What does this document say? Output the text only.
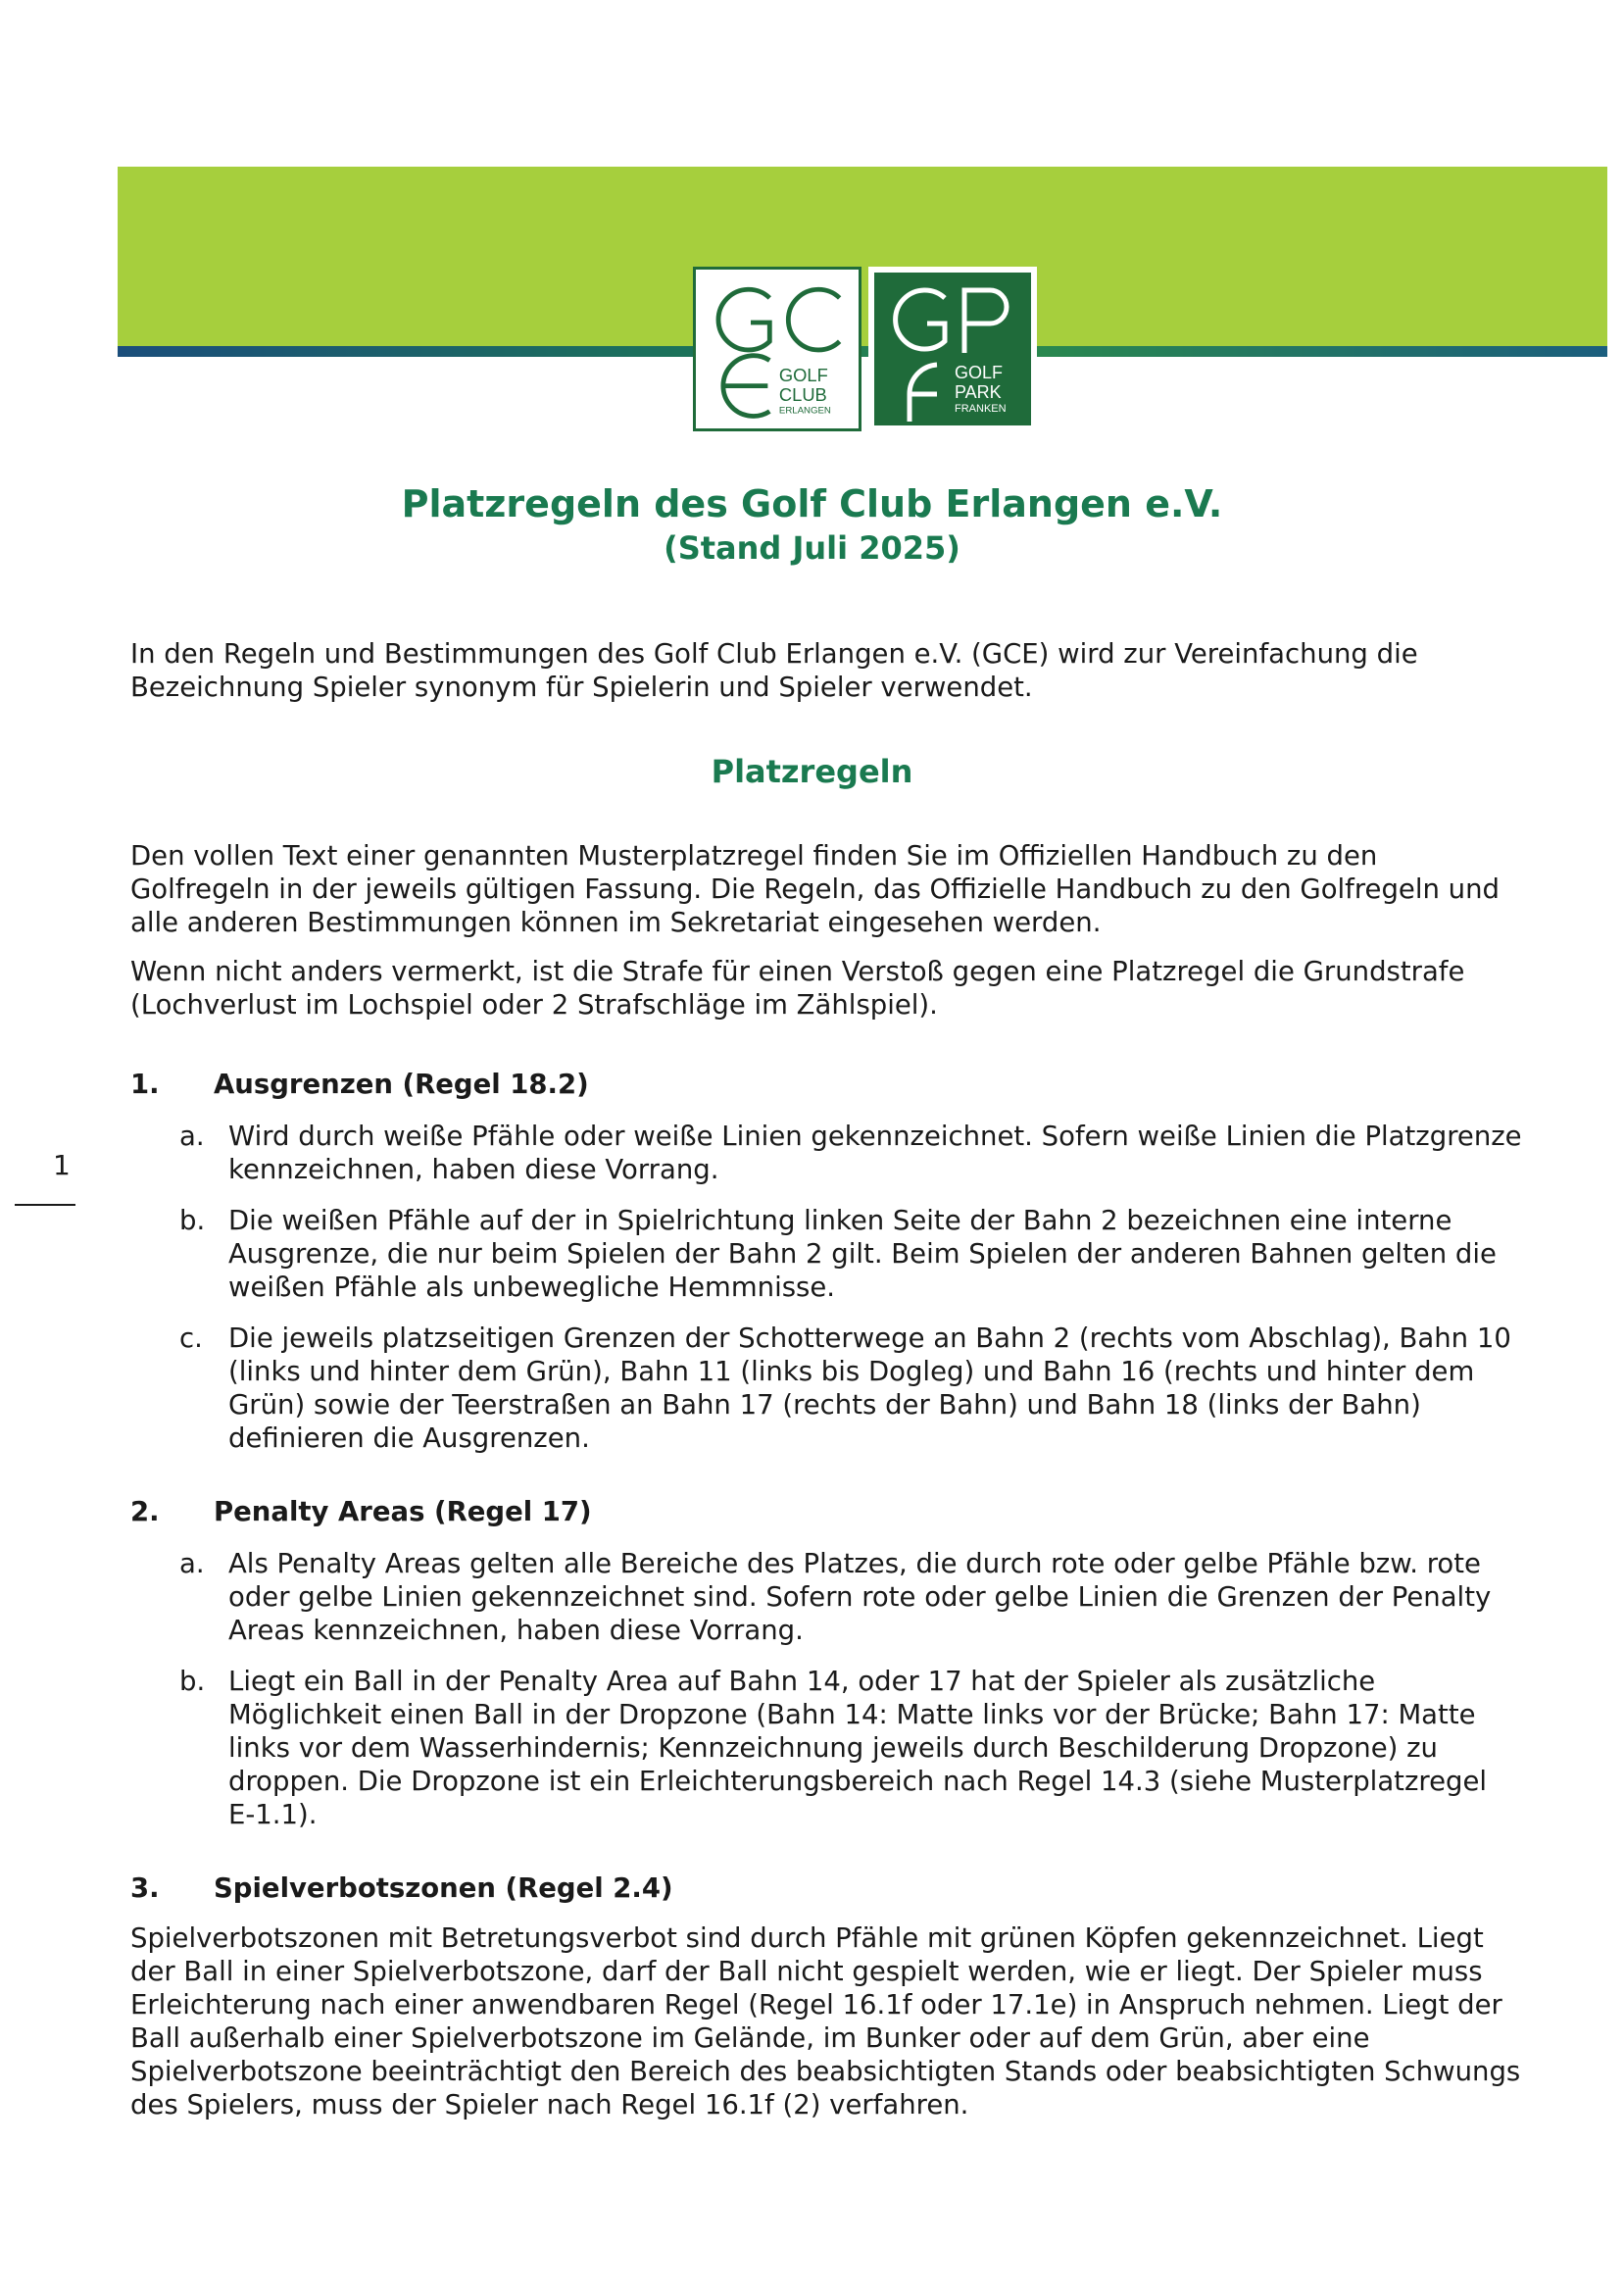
GOLF
CLUB
ERLANGEN
GOLF
PARK
FRANKEN
Platzregeln des Golf Club Erlangen e.V.
(Stand Juli 2025)

In den Regeln und Bestimmungen des Golf Club Erlangen e.V. (GCE) wird zur Vereinfachung die Bezeichnung Spieler synonym für Spielerin und Spieler verwendet.

Platzregeln

Den vollen Text einer genannten Musterplatzregel finden Sie im Offiziellen Handbuch zu den Golfregeln in der jeweils gültigen Fassung. Die Regeln, das Offizielle Handbuch zu den Golfregeln und alle anderen Bestimmungen können im Sekretariat eingesehen werden.

Wenn nicht anders vermerkt, ist die Strafe für einen Verstoß gegen eine Platzregel die Grundstrafe (Lochverlust im Lochspiel oder 2 Strafschläge im Zählspiel).

1. Ausgrenzen (Regel 18.2)
a. Wird durch weiße Pfähle oder weiße Linien gekennzeichnet. Sofern weiße Linien die Platzgrenze kennzeichnen, haben diese Vorrang.
b. Die weißen Pfähle auf der in Spielrichtung linken Seite der Bahn 2 bezeichnen eine interne Ausgrenze, die nur beim Spielen der Bahn 2 gilt. Beim Spielen der anderen Bahnen gelten die weißen Pfähle als unbewegliche Hemmnisse.
c. Die jeweils platzseitigen Grenzen der Schotterwege an Bahn 2 (rechts vom Abschlag), Bahn 10 (links und hinter dem Grün), Bahn 11 (links bis Dogleg) und Bahn 16 (rechts und hinter dem Grün) sowie der Teerstraßen an Bahn 17 (rechts der Bahn) und Bahn 18 (links der Bahn) definieren die Ausgrenzen.
2. Penalty Areas (Regel 17)
a. Als Penalty Areas gelten alle Bereiche des Platzes, die durch rote oder gelbe Pfähle bzw. rote oder gelbe Linien gekennzeichnet sind. Sofern rote oder gelbe Linien die Grenzen der Penalty Areas kennzeichnen, haben diese Vorrang.
b. Liegt ein Ball in der Penalty Area auf Bahn 14, oder 17 hat der Spieler als zusätzliche Möglichkeit einen Ball in der Dropzone (Bahn 14: Matte links vor der Brücke; Bahn 17: Matte links vor dem Wasserhindernis; Kennzeichnung jeweils durch Beschilderung Dropzone) zu droppen. Die Dropzone ist ein Erleichterungsbereich nach Regel 14.3 (siehe Musterplatzregel E-1.1).
3. Spielverbotszonen (Regel 2.4)

Spielverbotszonen mit Betretungsverbot sind durch Pfähle mit grünen Köpfen gekennzeichnet. Liegt der Ball in einer Spielverbotszone, darf der Ball nicht gespielt werden, wie er liegt. Der Spieler muss Erleichterung nach einer anwendbaren Regel (Regel 16.1f oder 17.1e) in Anspruch nehmen. Liegt der Ball außerhalb einer Spielverbotszone im Gelände, im Bunker oder auf dem Grün, aber eine Spielverbotszone beeinträchtigt den Bereich des beabsichtigten Stands oder beabsichtigten Schwungs des Spielers, muss der Spieler nach Regel 16.1f (2) verfahren.

1
